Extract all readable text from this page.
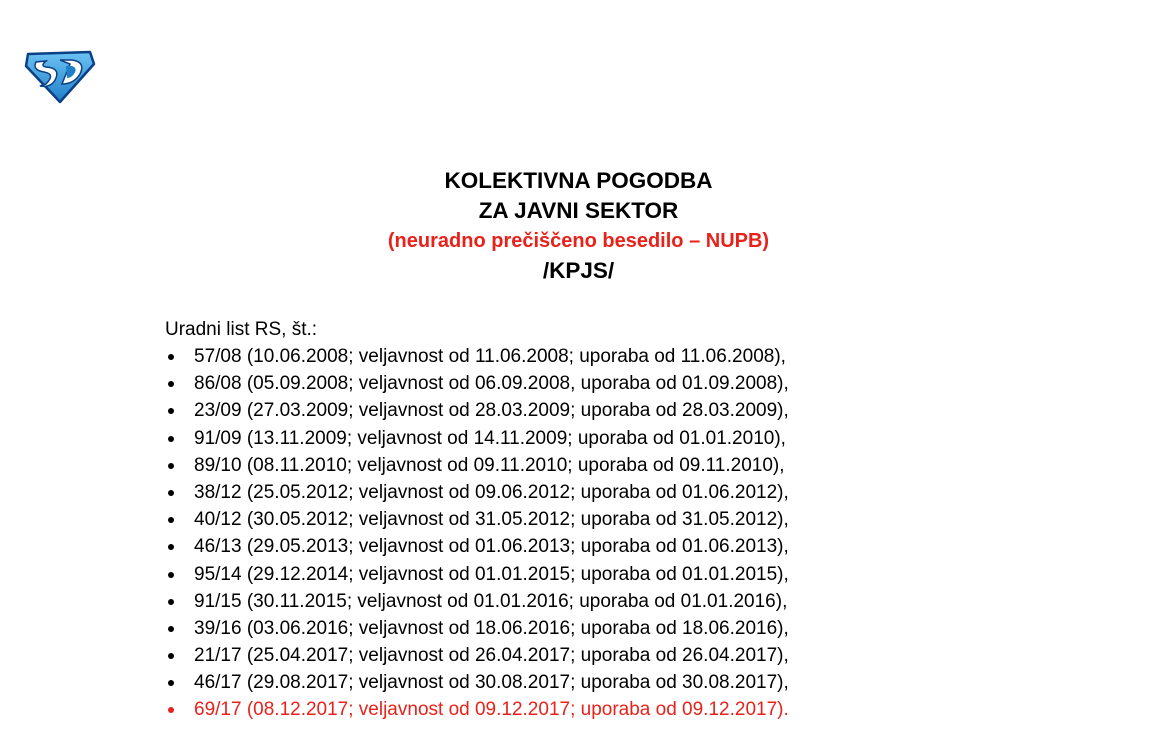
KOLEKTIVNA POGODBA
ZA JAVNI SEKTOR
(neuradno prečiščeno besedilo – NUPB)
/KPJS/
Uradni list RS, št.:
57/08 (10.06.2008; veljavnost od 11.06.2008; uporaba od 11.06.2008),
86/08 (05.09.2008; veljavnost od 06.09.2008, uporaba od 01.09.2008),
23/09 (27.03.2009; veljavnost od 28.03.2009; uporaba od 28.03.2009),
91/09 (13.11.2009; veljavnost od 14.11.2009; uporaba od 01.01.2010),
89/10 (08.11.2010; veljavnost od 09.11.2010; uporaba od 09.11.2010),
38/12 (25.05.2012; veljavnost od 09.06.2012; uporaba od 01.06.2012),
40/12 (30.05.2012; veljavnost od 31.05.2012; uporaba od 31.05.2012),
46/13 (29.05.2013; veljavnost od 01.06.2013; uporaba od 01.06.2013),
95/14 (29.12.2014; veljavnost od 01.01.2015; uporaba od 01.01.2015),
91/15 (30.11.2015; veljavnost od 01.01.2016; uporaba od 01.01.2016),
39/16 (03.06.2016; veljavnost od 18.06.2016; uporaba od 18.06.2016),
21/17 (25.04.2017; veljavnost od 26.04.2017; uporaba od 26.04.2017),
46/17 (29.08.2017; veljavnost od 30.08.2017; uporaba od 30.08.2017),
69/17 (08.12.2017; veljavnost od 09.12.2017; uporaba od 09.12.2017).
